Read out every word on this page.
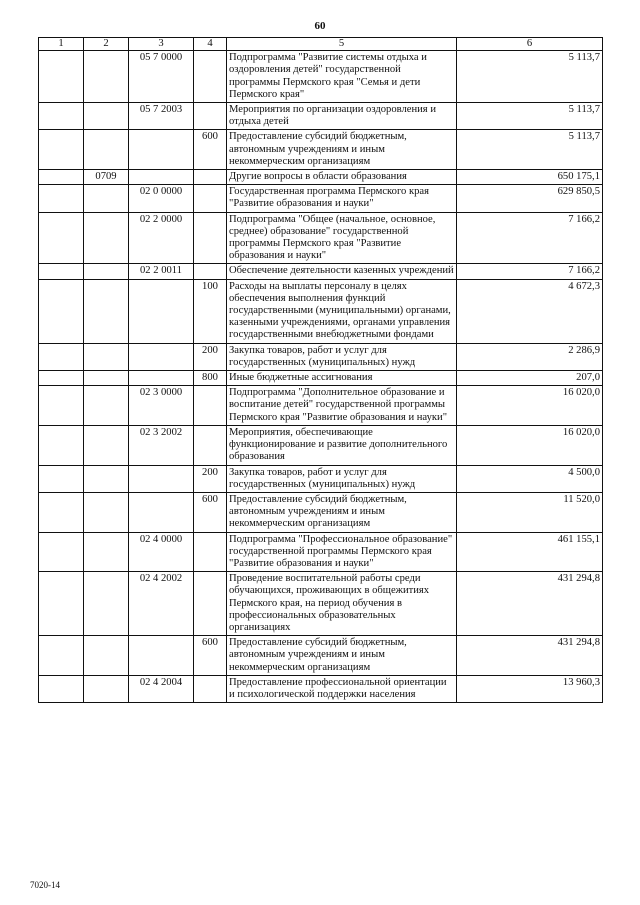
60
1	2	3	4	5	6
		05 7 0000		Подпрограмма "Развитие системы отдыха и оздоровления детей" государственной программы Пермского края "Семья и дети Пермского края"	5 113,7
		05 7 2003		Мероприятия по организации оздоровления и отдыха детей	5 113,7
			600	Предоставление субсидий бюджетным, автономным учреждениям и иным некоммерческим организациям	5 113,7
	0709			Другие вопросы в области образования	650 175,1
		02 0 0000		Государственная программа Пермского края "Развитие образования и науки"	629 850,5
		02 2 0000		Подпрограмма "Общее (начальное, основное, среднее) образование" государственной программы Пермского края "Развитие образования и науки"	7 166,2
		02 2 0011		Обеспечение деятельности казенных учреждений	7 166,2
			100	Расходы на выплаты персоналу в целях обеспечения выполнения функций государственными (муниципальными) органами, казенными учреждениями, органами управления государственными внебюджетными фондами	4 672,3
			200	Закупка товаров, работ и услуг для государственных (муниципальных) нужд	2 286,9
			800	Иные бюджетные ассигнования	207,0
		02 3 0000		Подпрограмма "Дополнительное образование и воспитание детей" государственной программы Пермского края "Развитие образования и науки"	16 020,0
		02 3 2002		Мероприятия, обеспечивающие функционирование и развитие дополнительного образования	16 020,0
			200	Закупка товаров, работ и услуг для государственных (муниципальных) нужд	4 500,0
			600	Предоставление субсидий бюджетным, автономным учреждениям и иным некоммерческим организациям	11 520,0
		02 4 0000		Подпрограмма "Профессиональное образование" государственной программы Пермского края "Развитие образования и науки"	461 155,1
		02 4 2002		Проведение воспитательной работы среди обучающихся, проживающих в общежитиях Пермского края, на период обучения в профессиональных образовательных организациях	431 294,8
			600	Предоставление субсидий бюджетным, автономным учреждениям и иным некоммерческим организациям	431 294,8
		02 4 2004		Предоставление профессиональной ориентации и психологической поддержки населения	13 960,3
7020-14
